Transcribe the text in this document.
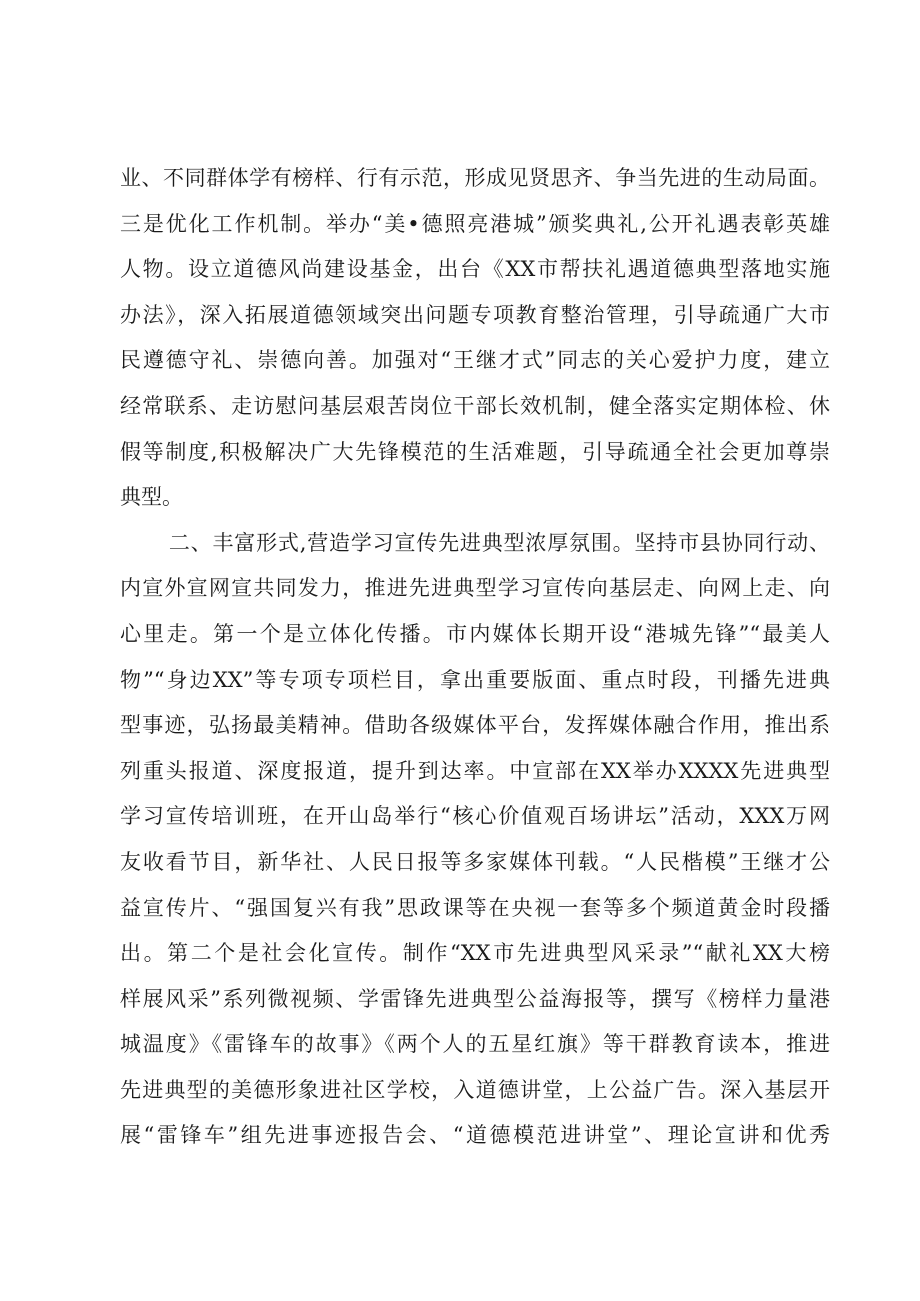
业、不同群体学有榜样、行有示范，形成见贤思齐、争当先进的生动局面。
三是优化工作机制。举办“美•德照亮港城”颁奖典礼,公开礼遇表彰英雄
人物。设立道德风尚建设基金，出台《XX市帮扶礼遇道德典型落地实施
办法》，深入拓展道德领域突出问题专项教育整治管理，引导疏通广大市
民遵德守礼、崇德向善。加强对“王继才式”同志的关心爱护力度，建立
经常联系、走访慰问基层艰苦岗位干部长效机制，健全落实定期体检、休
假等制度,积极解决广大先锋模范的生活难题，引导疏通全社会更加尊崇
典型。
二、丰富形式,营造学习宣传先进典型浓厚氛围。坚持市县协同行动、
内宣外宣网宣共同发力，推进先进典型学习宣传向基层走、向网上走、向
心里走。第一个是立体化传播。市内媒体长期开设“港城先锋”“最美人
物”“身边XX”等专项专项栏目，拿出重要版面、重点时段，刊播先进典
型事迹，弘扬最美精神。借助各级媒体平台，发挥媒体融合作用，推出系
列重头报道、深度报道，提升到达率。中宣部在XX举办XXXX先进典型
学习宣传培训班，在开山岛举行“核心价值观百场讲坛”活动，XXX万网
友收看节目，新华社、人民日报等多家媒体刊载。“人民楷模”王继才公
益宣传片、“强国复兴有我”思政课等在央视一套等多个频道黄金时段播
出。第二个是社会化宣传。制作“XX市先进典型风采录”“献礼XX大榜
样展风采”系列微视频、学雷锋先进典型公益海报等，撰写《榜样力量港
城温度》《雷锋车的故事》《两个人的五星红旗》等干群教育读本，推进
先进典型的美德形象进社区学校，入道德讲堂，上公益广告。深入基层开
展“雷锋车”组先进事迹报告会、“道德模范进讲堂”、理论宣讲和优秀
